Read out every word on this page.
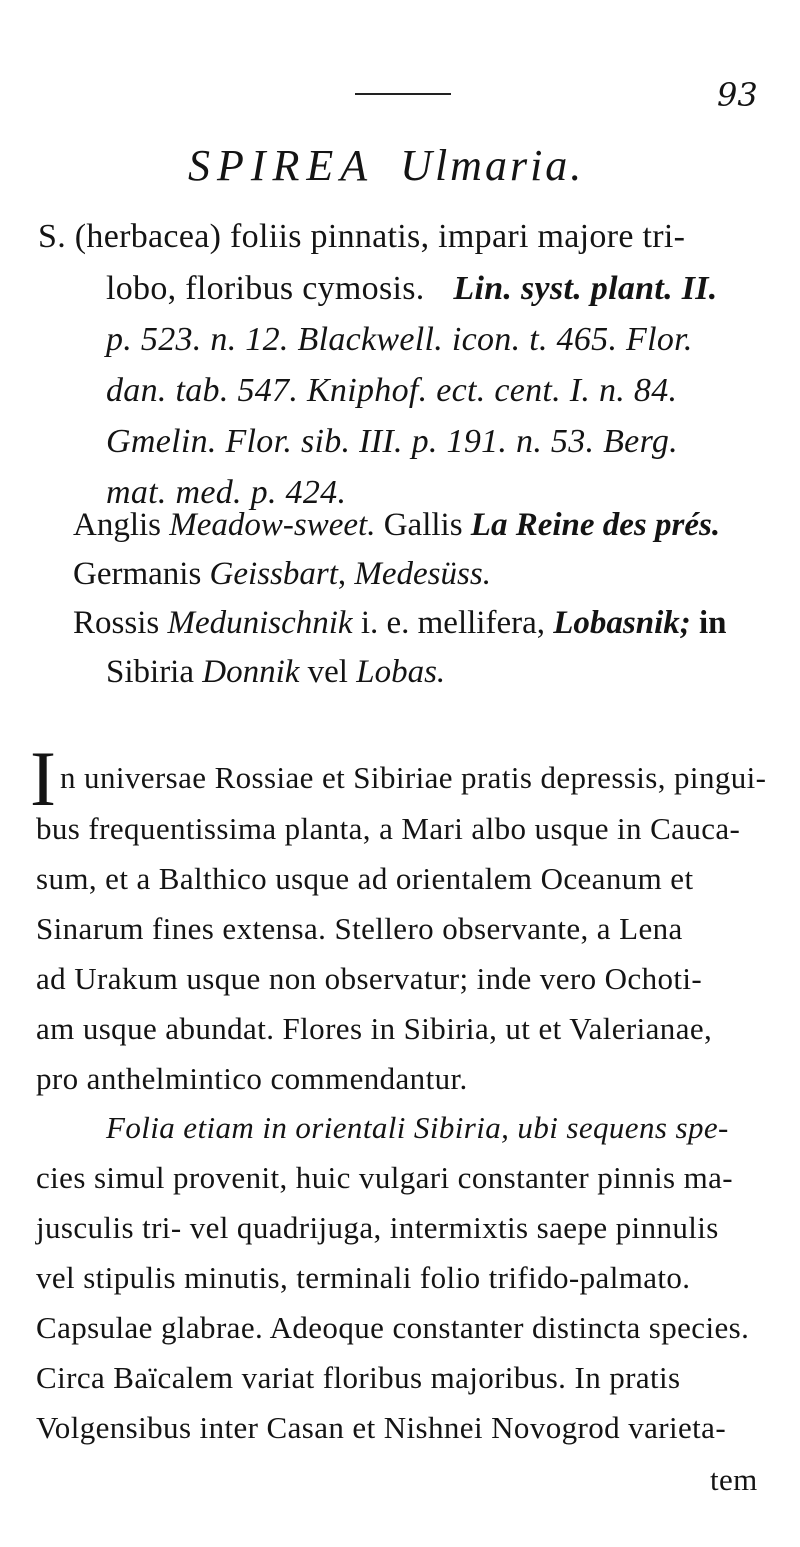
93
SPIREA Ulmaria.
S. (herbacea) foliis pinnatis, impari majore tri-
lobo, floribus cymosis. Lin. syst. plant. II.
p. 523. n. 12. Blackwell. icon. t. 465. Flor.
dan. tab. 547. Kniphof. ect. cent. I. n. 84.
Gmelin. Flor. sib. III. p. 191. n. 53. Berg.
mat. med. p. 424.
Anglis Meadow-sweet. Gallis La Reine des prés.
Germanis Geissbart, Medesüss.
Rossis Medunischnik i. e. mellifera, Lobasnik; in
Sibiria Donnik vel Lobas.
I n universae Rossiae et Sibiriae pratis depressis, pingui-
bus frequentissima planta, a Mari albo usque in Cauca-
sum, et a Balthico usque ad orientalem Oceanum et
Sinarum fines extensa. Stellero observante, a Lena
ad Urakum usque non observatur; inde vero Ochoti-
am usque abundat. Flores in Sibiria, ut et Valerianae,
pro anthelmintico commendantur.
Folia etiam in orientali Sibiria, ubi sequens spe-
cies simul provenit, huic vulgari constanter pinnis ma-
jusculis tri- vel quadrijuga, intermixtis saepe pinnulis
vel stipulis minutis, terminali folio trifido-palmato.
Capsulae glabrae. Adeoque constanter distincta species.
Circa Baïcalem variat floribus majoribus. In pratis
Volgensibus inter Casan et Nishnei Novogrod varieta-
tem
